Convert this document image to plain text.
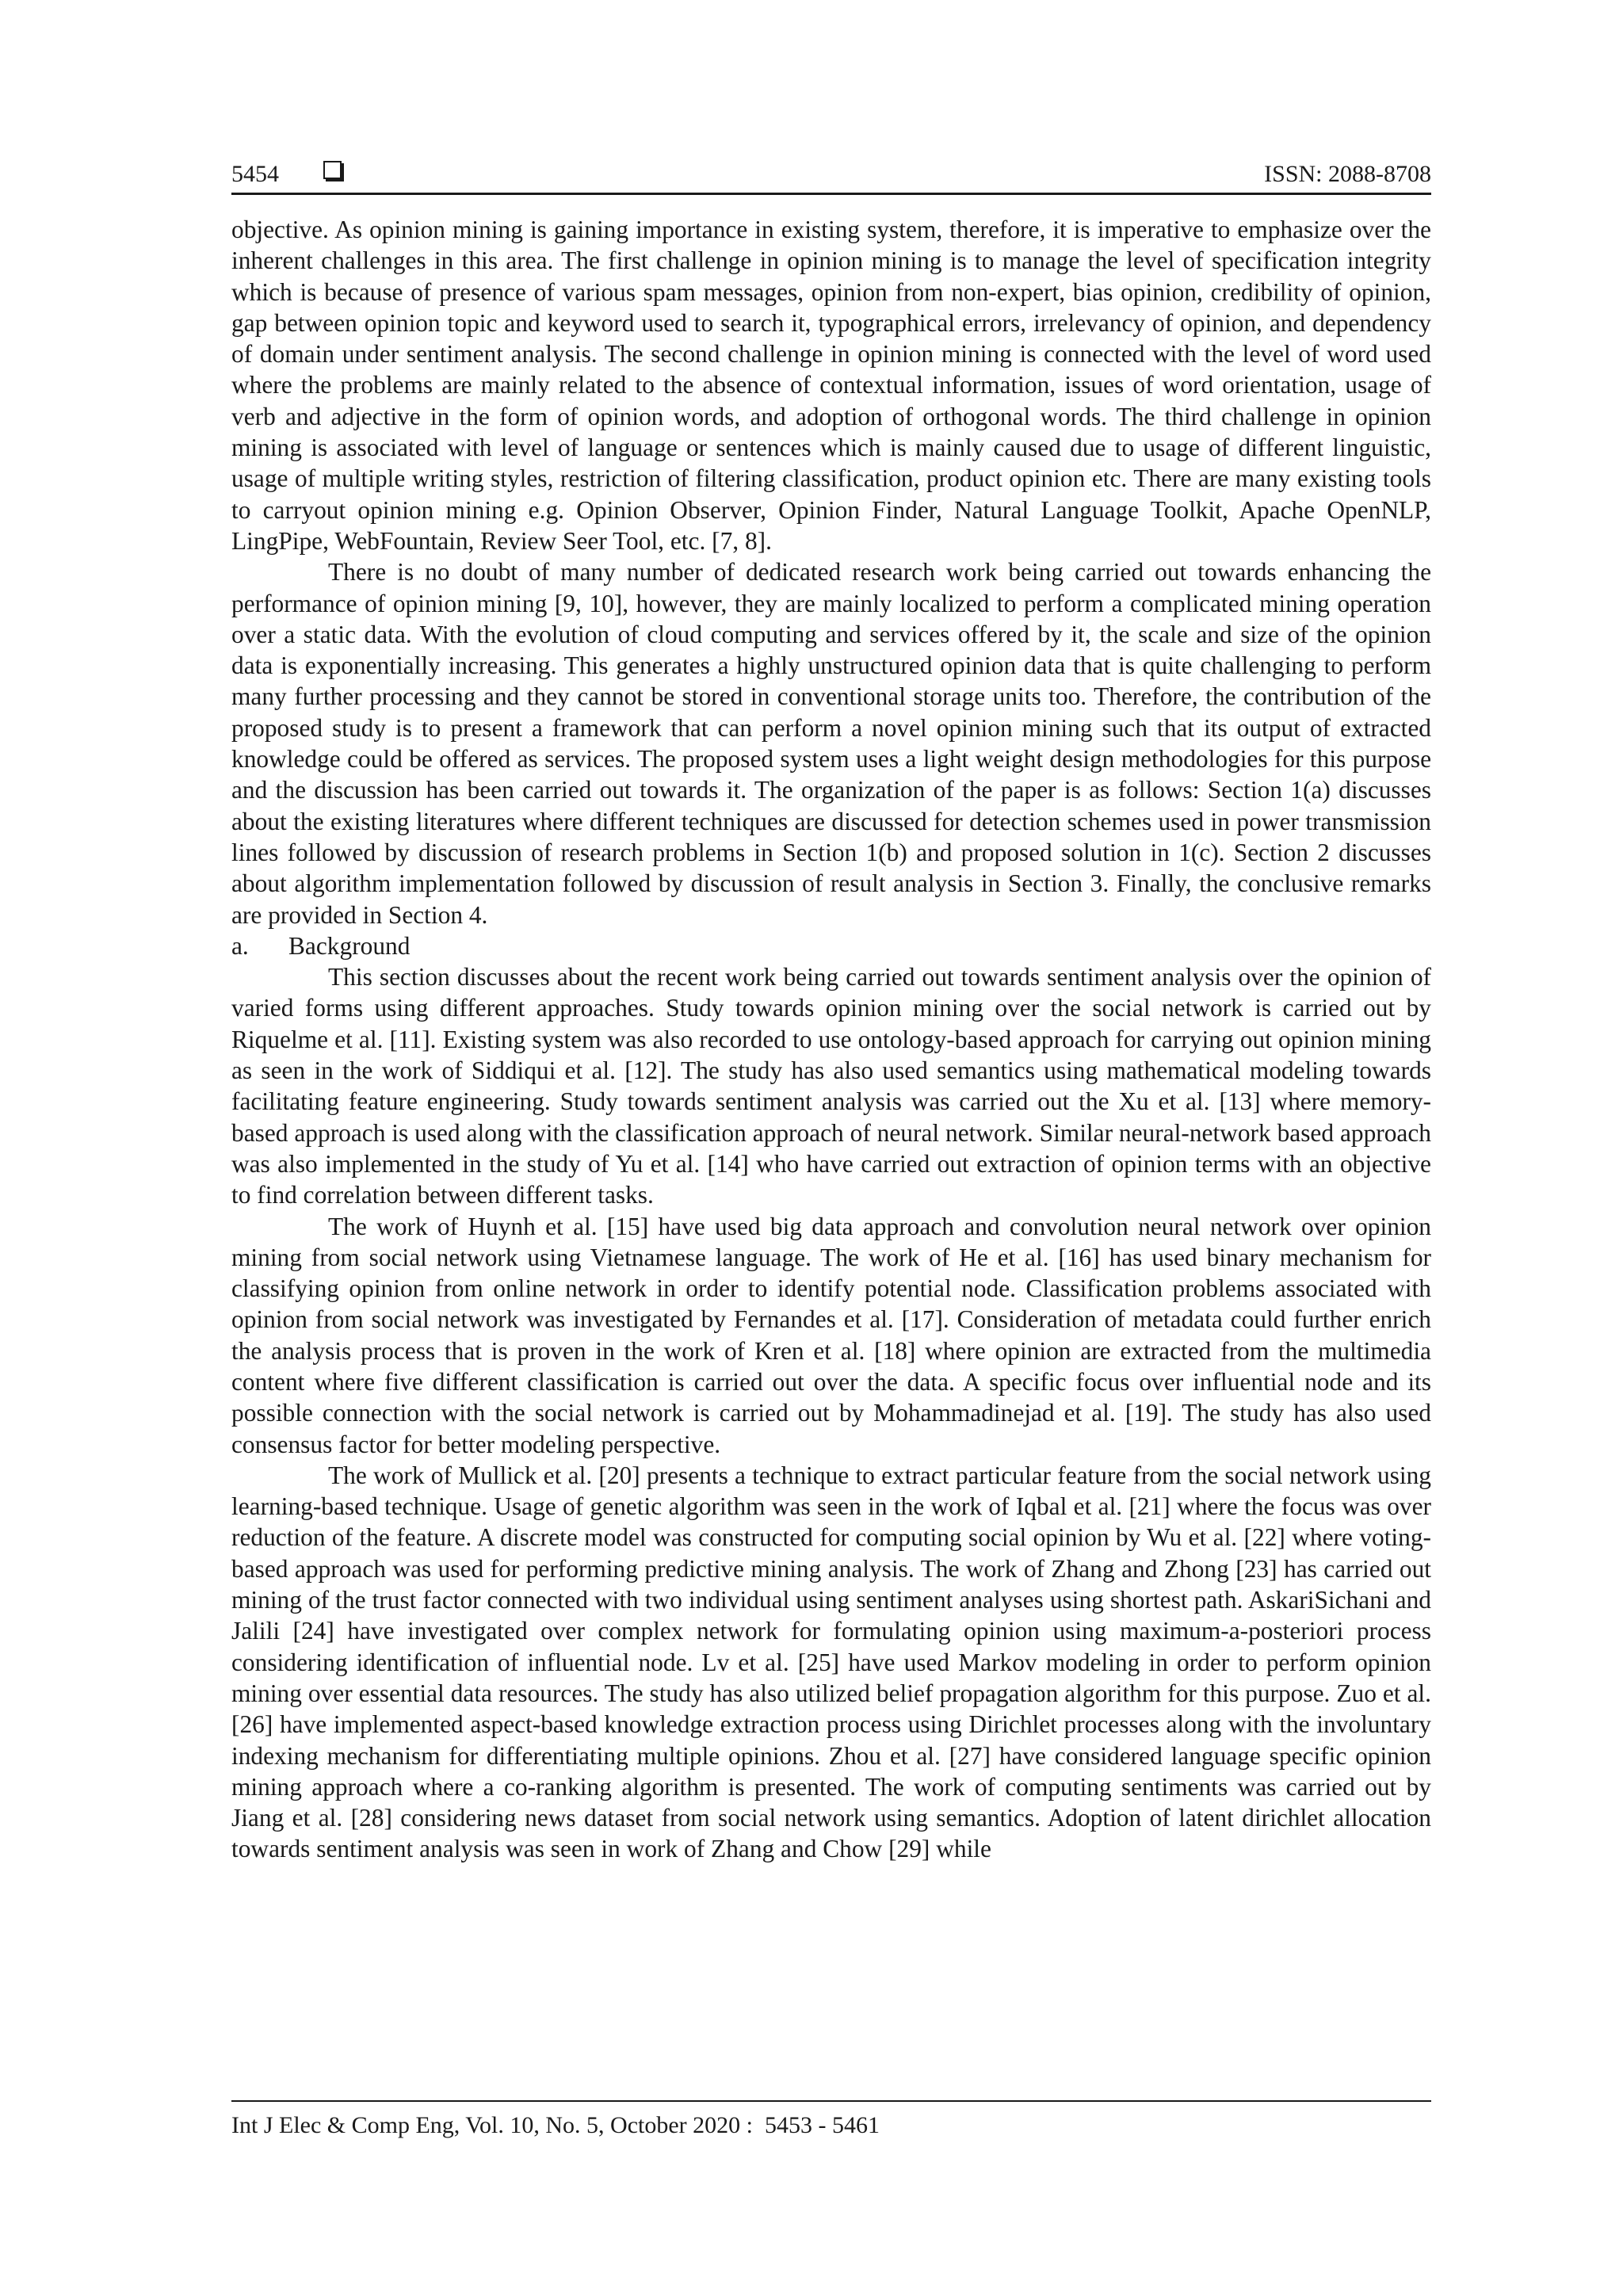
5454	ISSN: 2088-8708

objective. As opinion mining is gaining importance in existing system, therefore, it is imperative to emphasize over the inherent challenges in this area. The first challenge in opinion mining is to manage the level of specification integrity which is because of presence of various spam messages, opinion from non-expert, bias opinion, credibility of opinion, gap between opinion topic and keyword used to search it, typographical errors, irrelevancy of opinion, and dependency of domain under sentiment analysis. The second challenge in opinion mining is connected with the level of word used where the problems are mainly related to the absence of contextual information, issues of word orientation, usage of verb and adjective in the form of opinion words, and adoption of orthogonal words. The third challenge in opinion mining is associated with level of language or sentences which is mainly caused due to usage of different linguistic, usage of multiple writing styles, restriction of filtering classification, product opinion etc. There are many existing tools to carryout opinion mining e.g. Opinion Observer, Opinion Finder, Natural Language Toolkit, Apache OpenNLP, LingPipe, WebFountain, Review Seer Tool, etc. [7, 8].

There is no doubt of many number of dedicated research work being carried out towards enhancing the performance of opinion mining [9, 10], however, they are mainly localized to perform a complicated mining operation over a static data. With the evolution of cloud computing and services offered by it, the scale and size of the opinion data is exponentially increasing. This generates a highly unstructured opinion data that is quite challenging to perform many further processing and they cannot be stored in conventional storage units too. Therefore, the contribution of the proposed study is to present a framework that can perform a novel opinion mining such that its output of extracted knowledge could be offered as services. The proposed system uses a light weight design methodologies for this purpose and the discussion has been carried out towards it. The organization of the paper is as follows: Section 1(a) discusses about the existing literatures where different techniques are discussed for detection schemes used in power transmission lines followed by discussion of research problems in Section 1(b) and proposed solution in 1(c). Section 2 discusses about algorithm implementation followed by discussion of result analysis in Section 3. Finally, the conclusive remarks are provided in Section 4.

a. Background

This section discusses about the recent work being carried out towards sentiment analysis over the opinion of varied forms using different approaches. Study towards opinion mining over the social network is carried out by Riquelme et al. [11]. Existing system was also recorded to use ontology-based approach for carrying out opinion mining as seen in the work of Siddiqui et al. [12]. The study has also used semantics using mathematical modeling towards facilitating feature engineering. Study towards sentiment analysis was carried out the Xu et al. [13] where memory-based approach is used along with the classification approach of neural network. Similar neural-network based approach was also implemented in the study of Yu et al. [14] who have carried out extraction of opinion terms with an objective to find correlation between different tasks.

The work of Huynh et al. [15] have used big data approach and convolution neural network over opinion mining from social network using Vietnamese language. The work of He et al. [16] has used binary mechanism for classifying opinion from online network in order to identify potential node. Classification problems associated with opinion from social network was investigated by Fernandes et al. [17]. Consideration of metadata could further enrich the analysis process that is proven in the work of Kren et al. [18] where opinion are extracted from the multimedia content where five different classification is carried out over the data. A specific focus over influential node and its possible connection with the social network is carried out by Mohammadinejad et al. [19]. The study has also used consensus factor for better modeling perspective.

The work of Mullick et al. [20] presents a technique to extract particular feature from the social network using learning-based technique. Usage of genetic algorithm was seen in the work of Iqbal et al. [21] where the focus was over reduction of the feature. A discrete model was constructed for computing social opinion by Wu et al. [22] where voting-based approach was used for performing predictive mining analysis. The work of Zhang and Zhong [23] has carried out mining of the trust factor connected with two individual using sentiment analyses using shortest path. AskariSichani and Jalili [24] have investigated over complex network for formulating opinion using maximum-a-posteriori process considering identification of influential node. Lv et al. [25] have used Markov modeling in order to perform opinion mining over essential data resources. The study has also utilized belief propagation algorithm for this purpose. Zuo et al. [26] have implemented aspect-based knowledge extraction process using Dirichlet processes along with the involuntary indexing mechanism for differentiating multiple opinions. Zhou et al. [27] have considered language specific opinion mining approach where a co-ranking algorithm is presented. The work of computing sentiments was carried out by Jiang et al. [28] considering news dataset from social network using semantics. Adoption of latent dirichlet allocation towards sentiment analysis was seen in work of Zhang and Chow [29] while

Int J Elec & Comp Eng, Vol. 10, No. 5, October 2020 :  5453 - 5461
